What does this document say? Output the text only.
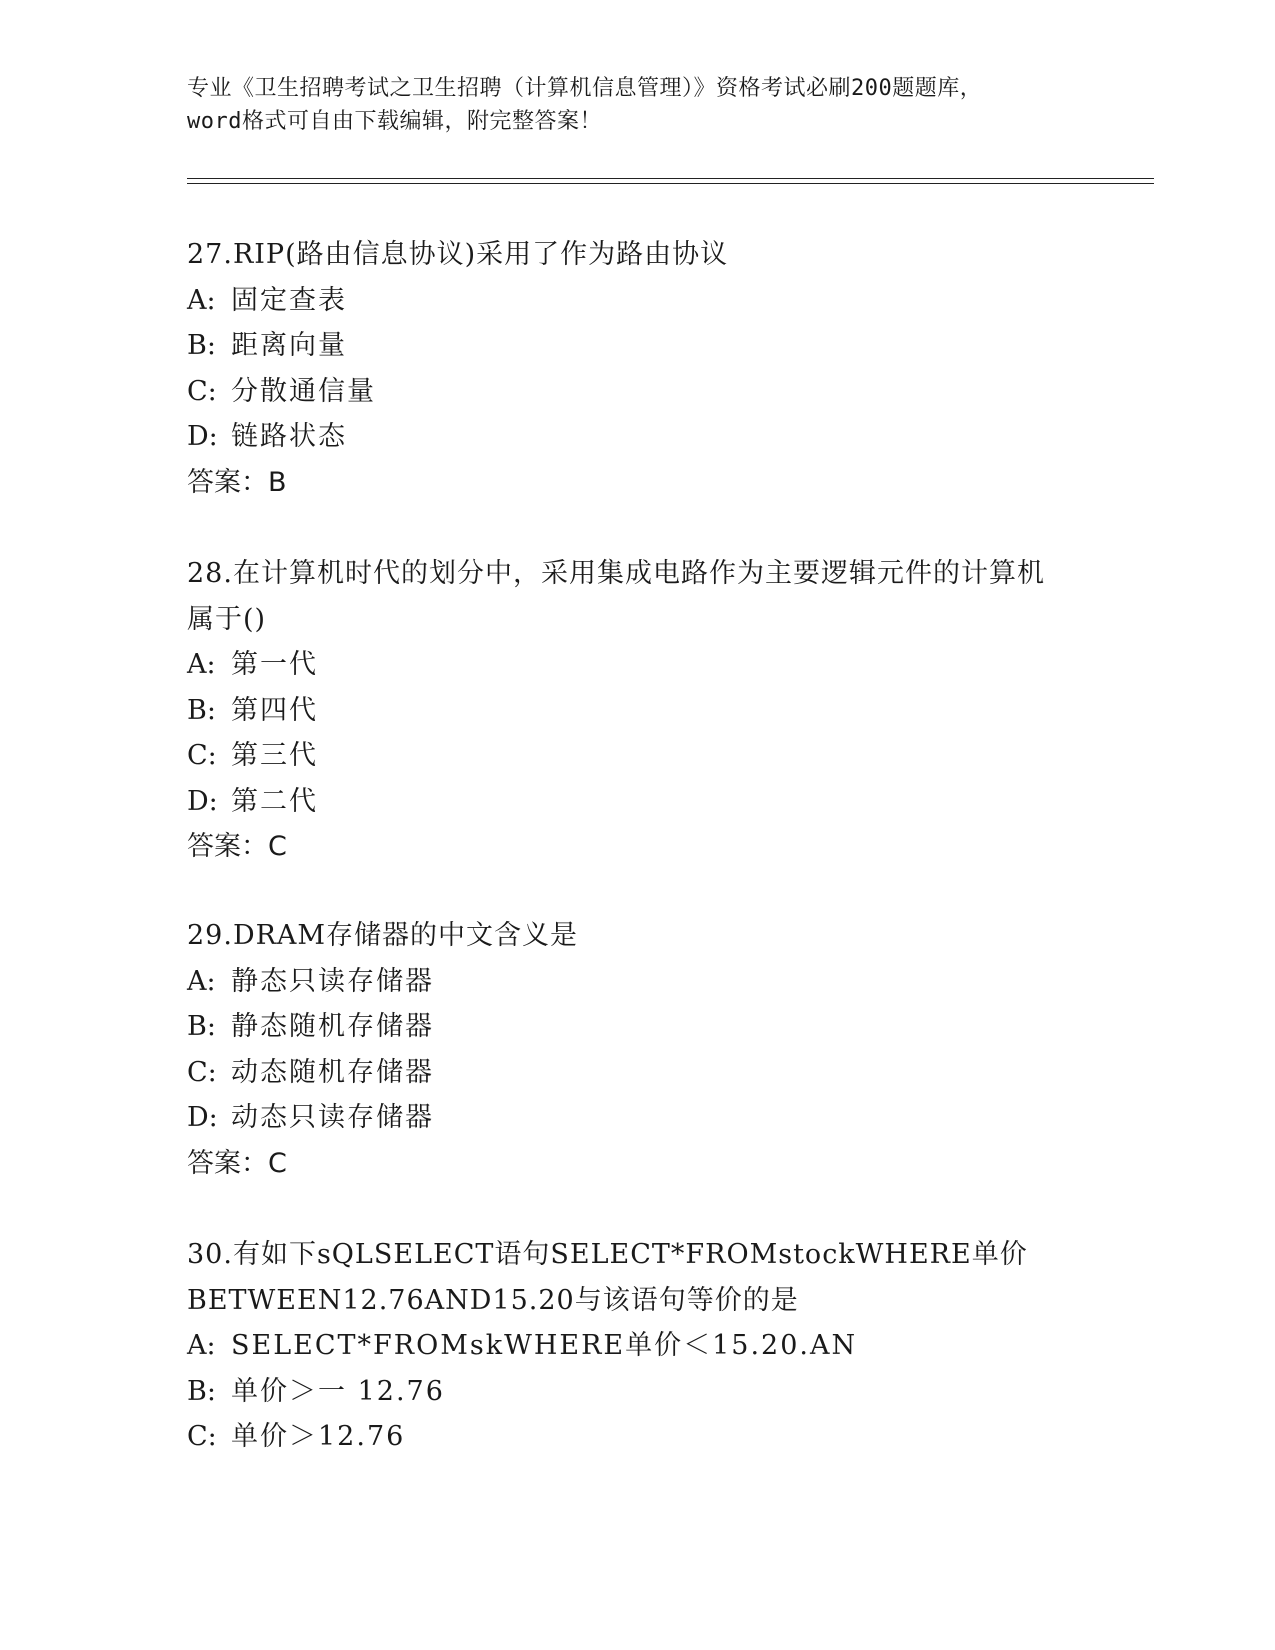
专业《卫生招聘考试之卫生招聘（计算机信息管理）》资格考试必刷200题题库，
word格式可自由下载编辑，附完整答案！
27.RIP(路由信息协议)采用了作为路由协议
A: 固定查表
B: 距离向量
C: 分散通信量
D: 链路状态
答案：B
28.在计算机时代的划分中，采用集成电路作为主要逻辑元件的计算机
属于()
A: 第一代
B: 第四代
C: 第三代
D: 第二代
答案：C
29.DRAM存储器的中文含义是
A: 静态只读存储器
B: 静态随机存储器
C: 动态随机存储器
D: 动态只读存储器
答案：C
30.有如下sQLSELECT语句SELECT*FROMstockWHERE单价
BETWEEN12.76AND15.20与该语句等价的是
A: SELECT*FROMskWHERE单价＜15.20.AN
B: 单价＞一 12.76
C: 单价＞12.76
